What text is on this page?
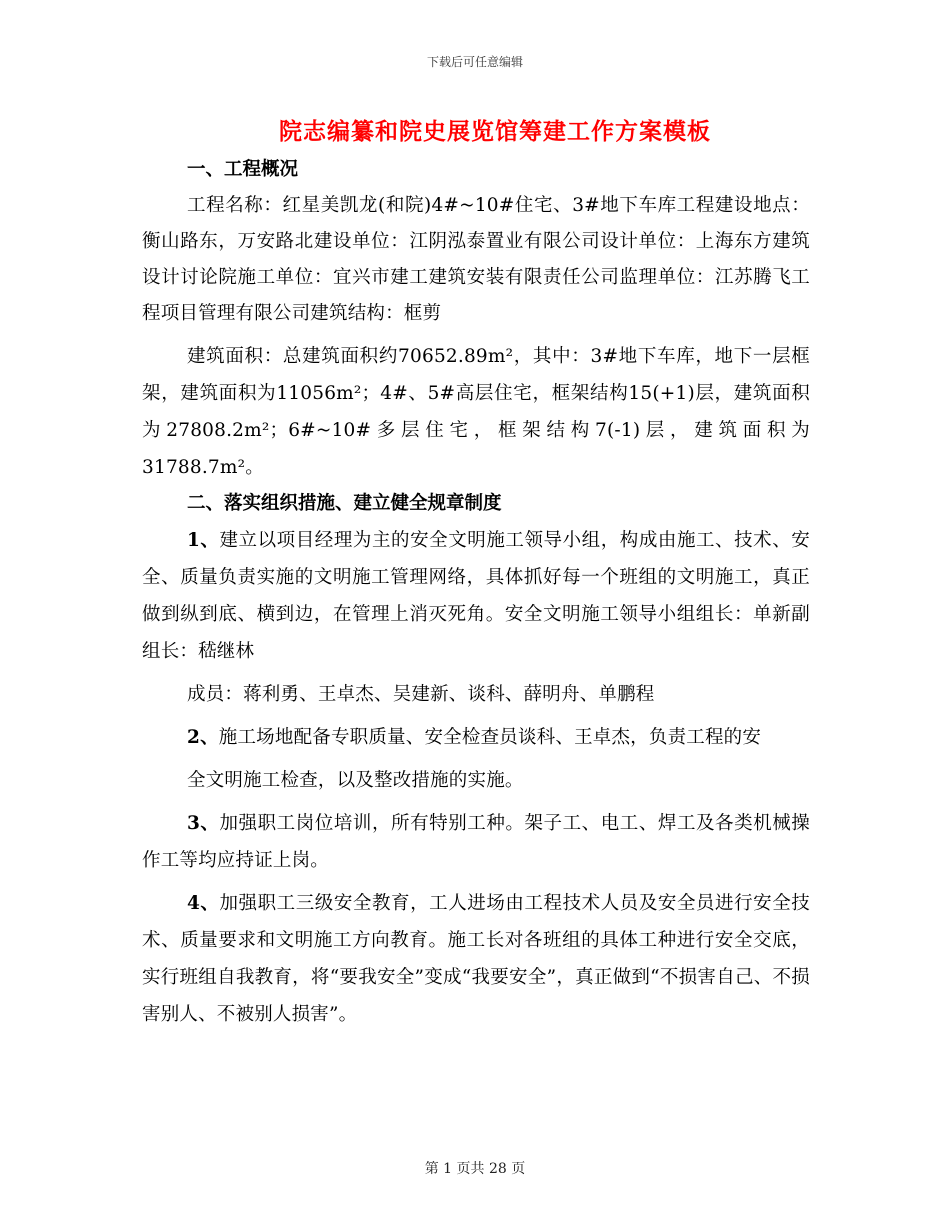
下载后可任意编辑
院志编纂和院史展览馆筹建工作方案模板
一、工程概况

工程名称：红星美凯龙(和院)4#~10#住宅、3#地下车库工程建设地点：衡山路东，万安路北建设单位：江阴泓泰置业有限公司设计单位：上海东方建筑设计讨论院施工单位：宜兴市建工建筑安装有限责任公司监理单位：江苏腾飞工程项目管理有限公司建筑结构：框剪

建筑面积：总建筑面积约70652.89m²，其中：3#地下车库，地下一层框架，建筑面积为11056m²；4#、5#高层住宅，框架结构15(+1)层，建筑面积为27808.2m²；6#~10#多层住宅，框架结构7(-1)层，建筑面积为31788.7m²。

二、落实组织措施、建立健全规章制度

1、建立以项目经理为主的安全文明施工领导小组，构成由施工、技术、安全、质量负责实施的文明施工管理网络，具体抓好每一个班组的文明施工，真正做到纵到底、横到边，在管理上消灭死角。安全文明施工领导小组组长：单新副组长：嵇继林

成员：蒋利勇、王卓杰、吴建新、谈科、薛明舟、单鹏程

2、施工场地配备专职质量、安全检查员谈科、王卓杰，负责工程的安

全文明施工检查，以及整改措施的实施。

3、加强职工岗位培训，所有特别工种。架子工、电工、焊工及各类机械操作工等均应持证上岗。

4、加强职工三级安全教育，工人进场由工程技术人员及安全员进行安全技术、质量要求和文明施工方向教育。施工长对各班组的具体工种进行安全交底，实行班组自我教育，将“要我安全”变成“我要安全”，真正做到“不损害自己、不损害别人、不被别人损害”。

第 1 页共 28 页
